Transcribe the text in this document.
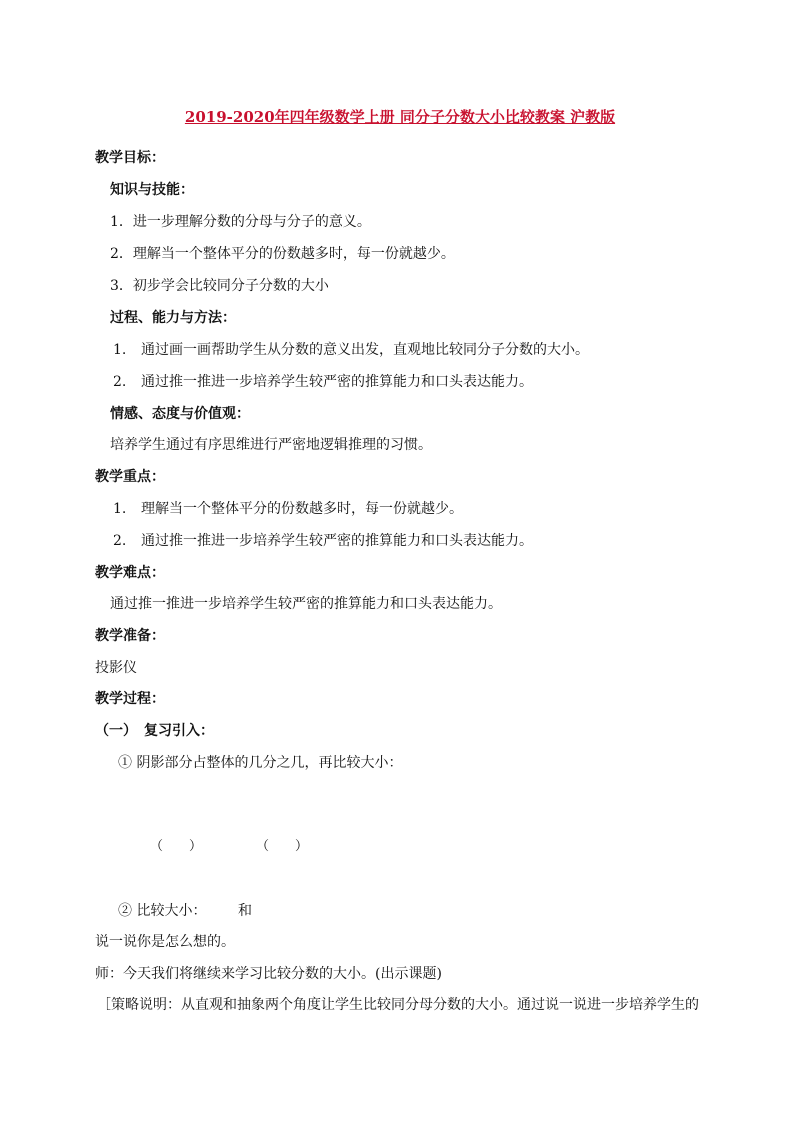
2019-2020年四年级数学上册 同分子分数大小比较教案 沪教版
教学目标：
知识与技能：
1．进一步理解分数的分母与分子的意义。
2．理解当一个整体平分的份数越多时，每一份就越少。
3．初步学会比较同分子分数的大小
过程、能力与方法：
1. 通过画一画帮助学生从分数的意义出发，直观地比较同分子分数的大小。
2. 通过推一推进一步培养学生较严密的推算能力和口头表达能力。
情感、态度与价值观：
培养学生通过有序思维进行严密地逻辑推理的习惯。
教学重点：
1. 理解当一个整体平分的份数越多时，每一份就越少。
2. 通过推一推进一步培养学生较严密的推算能力和口头表达能力。
教学难点：
通过推一推进一步培养学生较严密的推算能力和口头表达能力。
教学准备：
投影仪
教学过程：
（一）　复习引入：
① 阴影部分占整体的几分之几，再比较大小：
（　　）	（　　）
② 比较大小： 和
说一说你是怎么想的。
师：今天我们将继续来学习比较分数的大小。(出示课题)
［策略说明：从直观和抽象两个角度让学生比较同分母分数的大小。通过说一说进一步培养学生的
